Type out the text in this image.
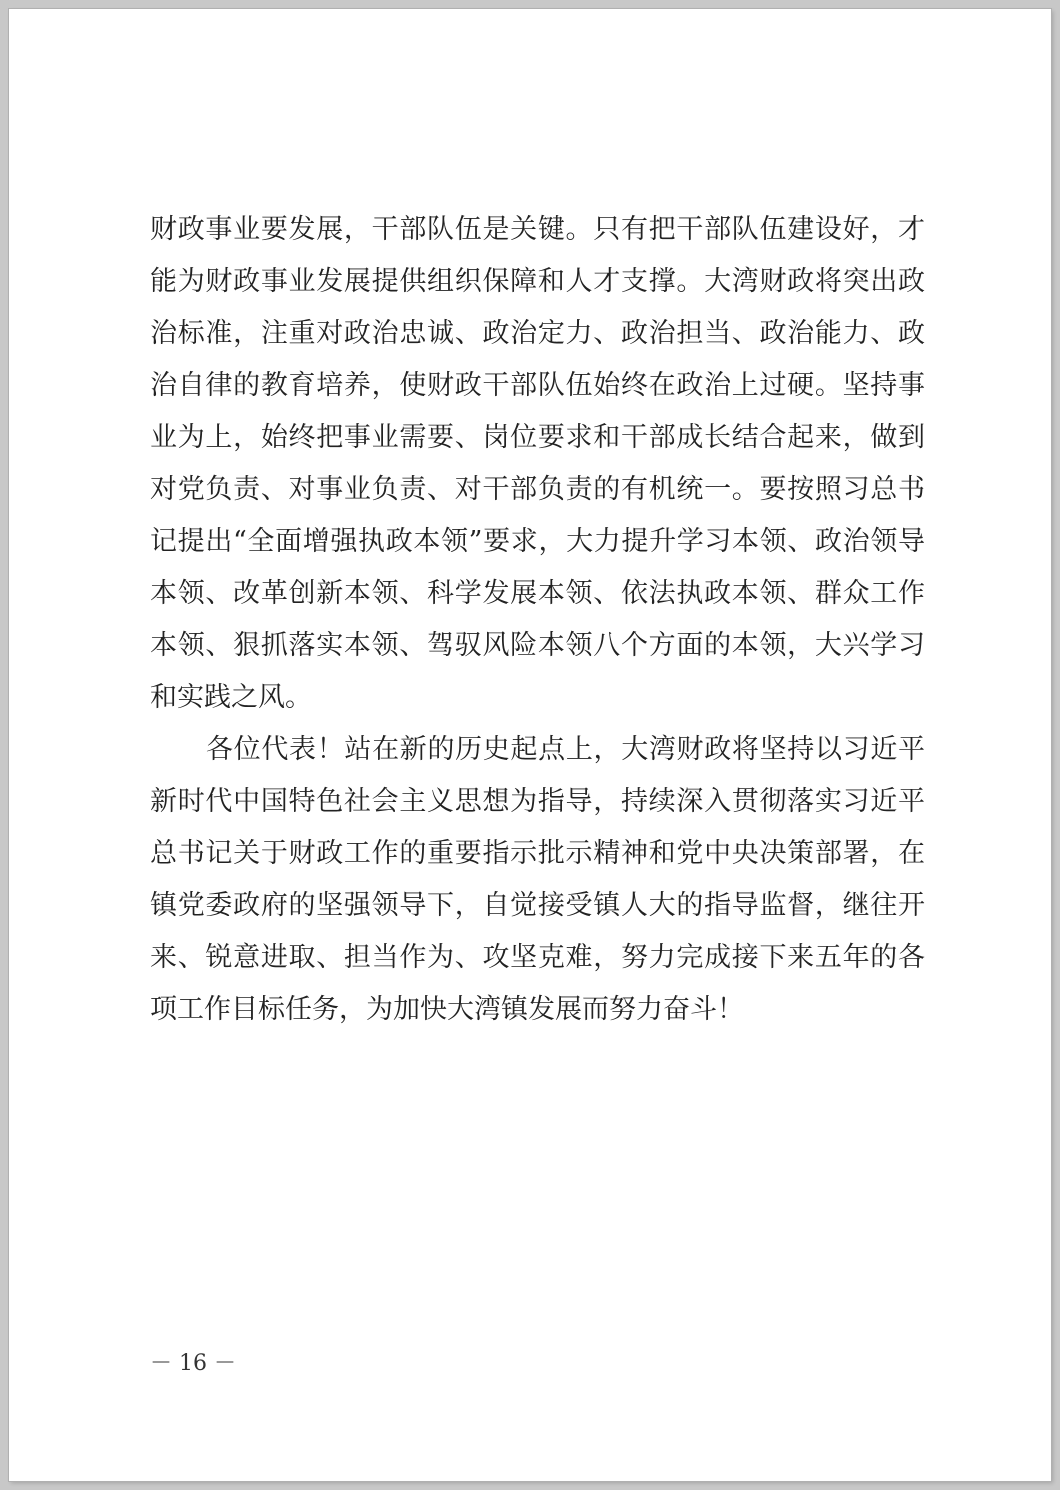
财政事业要发展，干部队伍是关键。只有把干部队伍建设好，才
能为财政事业发展提供组织保障和人才支撑。大湾财政将突出政
治标准，注重对政治忠诚、政治定力、政治担当、政治能力、政
治自律的教育培养，使财政干部队伍始终在政治上过硬。坚持事
业为上，始终把事业需要、岗位要求和干部成长结合起来，做到
对党负责、对事业负责、对干部负责的有机统一。要按照习总书
记提出“全面增强执政本领”要求，大力提升学习本领、政治领导
本领、改革创新本领、科学发展本领、依法执政本领、群众工作
本领、狠抓落实本领、驾驭风险本领八个方面的本领，大兴学习
和实践之风。
各位代表！站在新的历史起点上，大湾财政将坚持以习近平
新时代中国特色社会主义思想为指导，持续深入贯彻落实习近平
总书记关于财政工作的重要指示批示精神和党中央决策部署，在
镇党委政府的坚强领导下，自觉接受镇人大的指导监督，继往开
来、锐意进取、担当作为、攻坚克难，努力完成接下来五年的各
项工作目标任务，为加快大湾镇发展而努力奋斗！
－ 16 －
